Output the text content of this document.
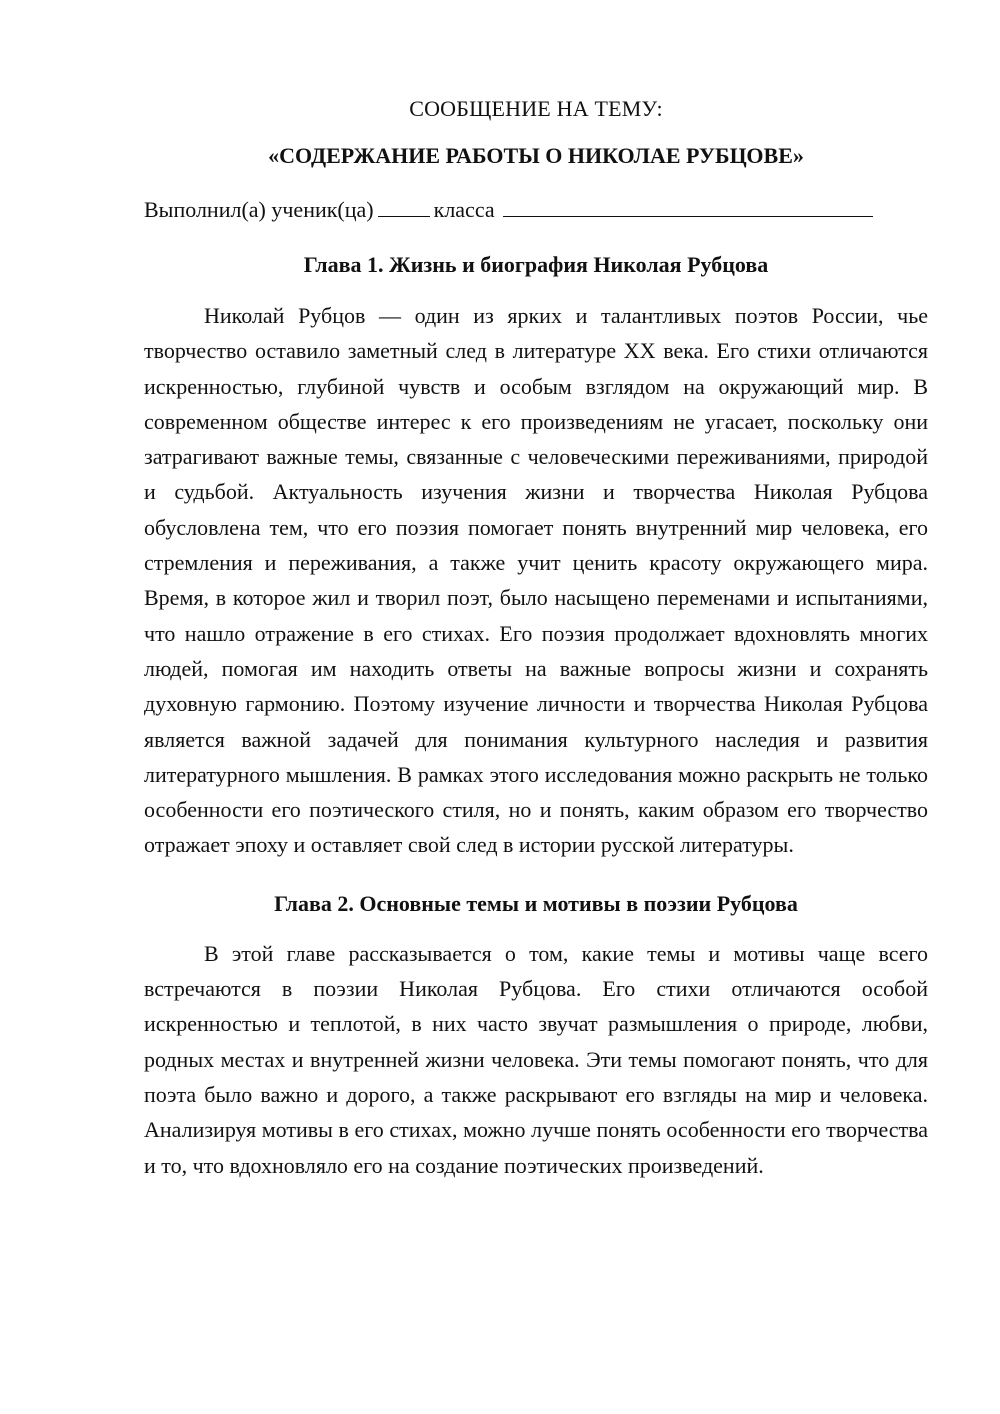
СООБЩЕНИЕ НА ТЕМУ:
«СОДЕРЖАНИЕ РАБОТЫ О НИКОЛАЕ РУБЦОВЕ»

Выполнил(а) ученик(ца)	класса

Глава 1. Жизнь и биография Николая Рубцова

Николай Рубцов — один из ярких и талантливых поэтов России, чье творчество оставило заметный след в литературе XX века. Его стихи отличаются искренностью, глубиной чувств и особым взглядом на окружающий мир. В современном обществе интерес к его произведениям не угасает, поскольку они затрагивают важные темы, связанные с человеческими переживаниями, природой и судьбой. Актуальность изучения жизни и творчества Николая Рубцова обусловлена тем, что его поэзия помогает понять внутренний мир человека, его стремления и переживания, а также учит ценить красоту окружающего мира. Время, в которое жил и творил поэт, было насыщено переменами и испытаниями, что нашло отражение в его стихах. Его поэзия продолжает вдохновлять многих людей, помогая им находить ответы на важные вопросы жизни и сохранять духовную гармонию. Поэтому изучение личности и творчества Николая Рубцова является важной задачей для понимания культурного наследия и развития литературного мышления. В рамках этого исследования можно раскрыть не только особенности его поэтического стиля, но и понять, каким образом его творчество отражает эпоху и оставляет свой след в истории русской литературы.

Глава 2. Основные темы и мотивы в поэзии Рубцова

В этой главе рассказывается о том, какие темы и мотивы чаще всего встречаются в поэзии Николая Рубцова. Его стихи отличаются особой искренностью и теплотой, в них часто звучат размышления о природе, любви, родных местах и внутренней жизни человека. Эти темы помогают понять, что для поэта было важно и дорого, а также раскрывают его взгляды на мир и человека. Анализируя мотивы в его стихах, можно лучше понять особенности его творчества и то, что вдохновляло его на создание поэтических произведений.
